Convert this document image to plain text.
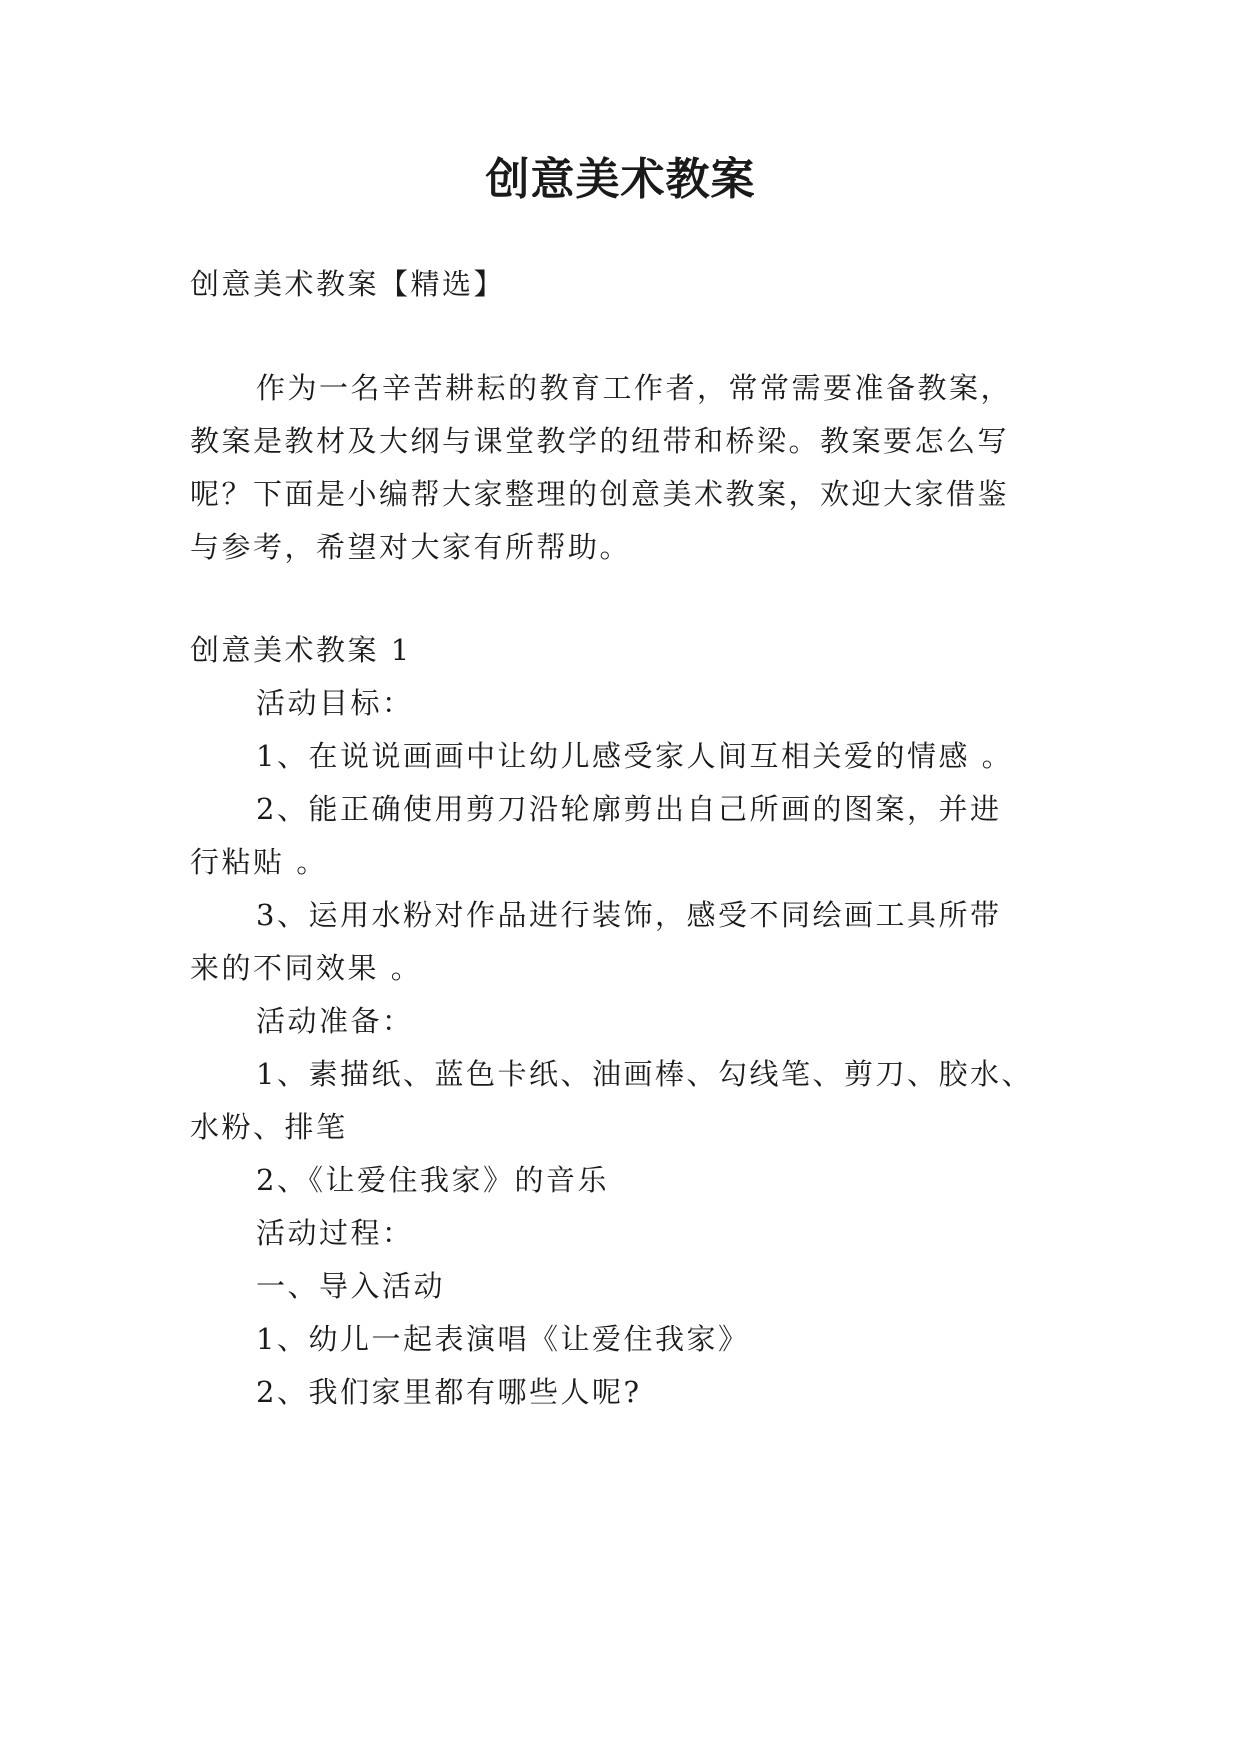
创意美术教案
创意美术教案【精选】
作为一名辛苦耕耘的教育工作者，常常需要准备教案，
教案是教材及大纲与课堂教学的纽带和桥梁。教案要怎么写
呢？下面是小编帮大家整理的创意美术教案，欢迎大家借鉴
与参考，希望对大家有所帮助。
创意美术教案 1
活动目标：
1、在说说画画中让幼儿感受家人间互相关爱的情感 。
2、能正确使用剪刀沿轮廓剪出自己所画的图案，并进
行粘贴 。
3、运用水粉对作品进行装饰，感受不同绘画工具所带
来的不同效果 。
活动准备：
1、素描纸、蓝色卡纸、油画棒、勾线笔、剪刀、胶水、
水粉、排笔
2、《让爱住我家》的音乐
活动过程：
一、导入活动
1、幼儿一起表演唱《让爱住我家》
2、我们家里都有哪些人呢?
